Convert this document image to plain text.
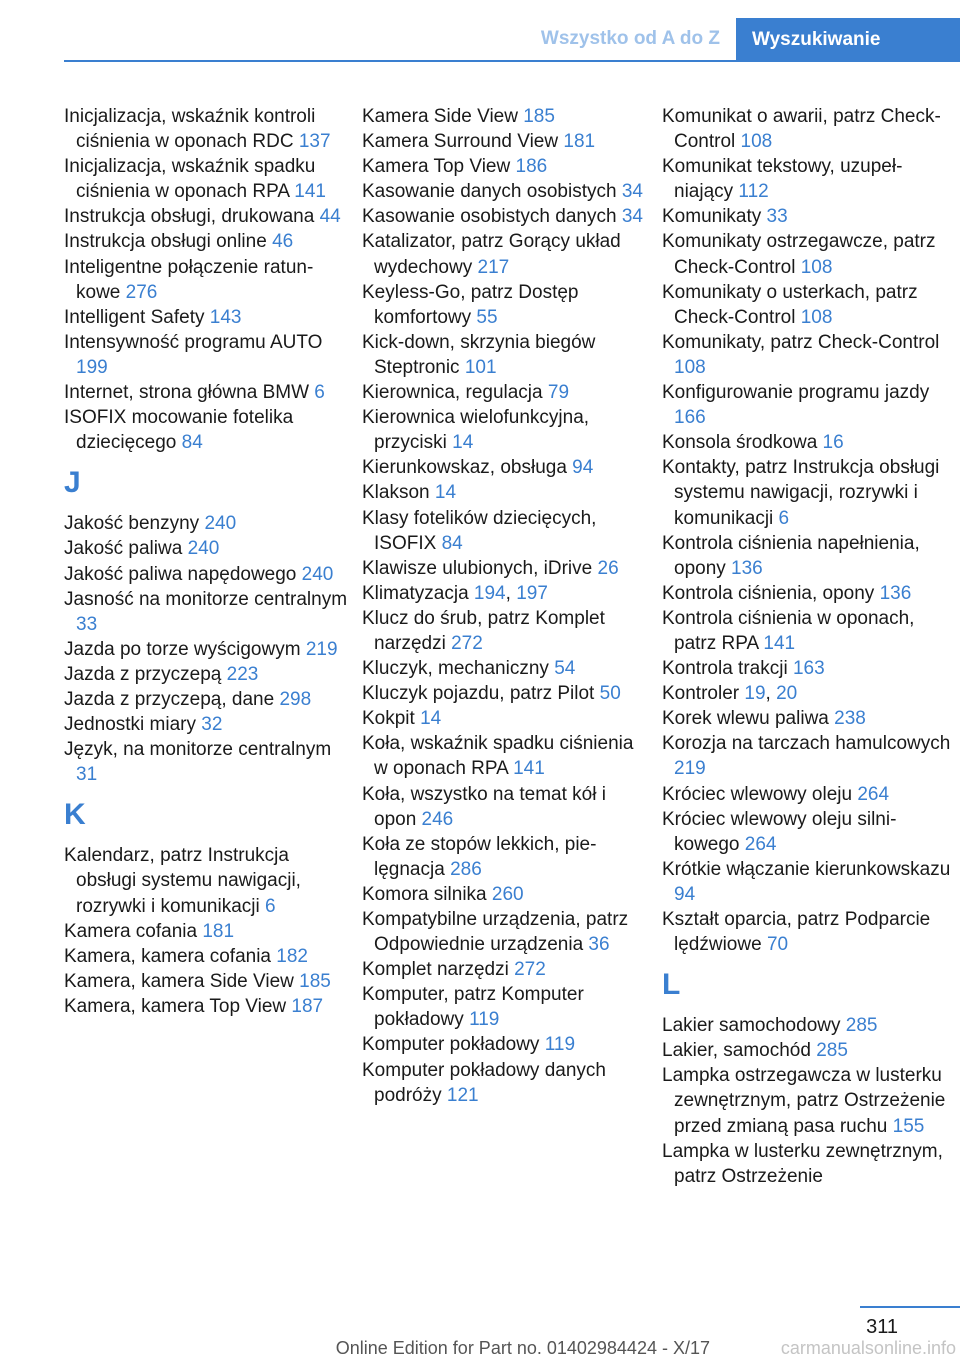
Wszystko od A do Z	Wyszukiwanie
Inicjalizacja, wskaźnik kontroli ciśnienia w oponach RDC 137
Inicjalizacja, wskaźnik spadku ciśnienia w oponach RPA 141
Instrukcja obsługi, drukowana 44
Instrukcja obsługi online 46
Inteligentne połączenie ratunkowe 276
Intelligent Safety 143
Intensywność programu AUTO 199
Internet, strona główna BMW 6
ISOFIX mocowanie fotelika dziecięcego 84
J
Jakość benzyny 240
Jakość paliwa 240
Jakość paliwa napędowego 240
Jasność na monitorze centralnym 33
Jazda po torze wyścigowym 219
Jazda z przyczepą 223
Jazda z przyczepą, dane 298
Jednostki miary 32
Język, na monitorze centralnym 31
K
Kalendarz, patrz Instrukcja obsługi systemu nawigacji, rozrywki i komunikacji 6
Kamera cofania 181
Kamera, kamera cofania 182
Kamera, kamera Side View 185
Kamera, kamera Top View 187
Kamera Side View 185
Kamera Surround View 181
Kamera Top View 186
Kasowanie danych osobistych 34
Kasowanie osobistych danych 34
Katalizator, patrz Gorący układ wydechowy 217
Keyless-Go, patrz Dostęp komfortowy 55
Kick-down, skrzynia biegów Steptronic 101
Kierownica, regulacja 79
Kierownica wielofunkcyjna, przyciski 14
Kierunkowskaz, obsługa 94
Klakson 14
Klasy fotelików dziecięcych, ISOFIX 84
Klawisze ulubionych, iDrive 26
Klimatyzacja 194, 197
Klucz do śrub, patrz Komplet narzędzi 272
Kluczyk, mechaniczny 54
Kluczyk pojazdu, patrz Pilot 50
Kokpit 14
Koła, wskaźnik spadku ciśnienia w oponach RPA 141
Koła, wszystko na temat kół i opon 246
Koła ze stopów lekkich, pielęgnacja 286
Komora silnika 260
Kompatybilne urządzenia, patrz Odpowiednie urządzenia 36
Komplet narzędzi 272
Komputer, patrz Komputer pokładowy 119
Komputer pokładowy 119
Komputer pokładowy danych podróży 121
Komunikat o awarii, patrz Check-Control 108
Komunikat tekstowy, uzupełniający 112
Komunikaty 33
Komunikaty ostrzegawcze, patrz Check-Control 108
Komunikaty o usterkach, patrz Check-Control 108
Komunikaty, patrz Check-Control 108
Konfigurowanie programu jazdy 166
Konsola środkowa 16
Kontakty, patrz Instrukcja obsługi systemu nawigacji, rozrywki i komunikacji 6
Kontrola ciśnienia napełnienia, opony 136
Kontrola ciśnienia, opony 136
Kontrola ciśnienia w oponach, patrz RPA 141
Kontrola trakcji 163
Kontroler 19, 20
Korek wlewu paliwa 238
Korozja na tarczach hamulcowych 219
Króciec wlewowy oleju 264
Króciec wlewowy oleju silnikowego 264
Krótkie włączanie kierunkowskazu 94
Kształt oparcia, patrz Podparcie lędźwiowe 70
L
Lakier samochodowy 285
Lakier, samochód 285
Lampka ostrzegawcza w lusterku zewnętrznym, patrz Ostrzeżenie przed zmianą pasa ruchu 155
Lampka w lusterku zewnętrznym, patrz Ostrzeżenie
311
Online Edition for Part no. 01402984424 - X/17	carmanualsonline.info
